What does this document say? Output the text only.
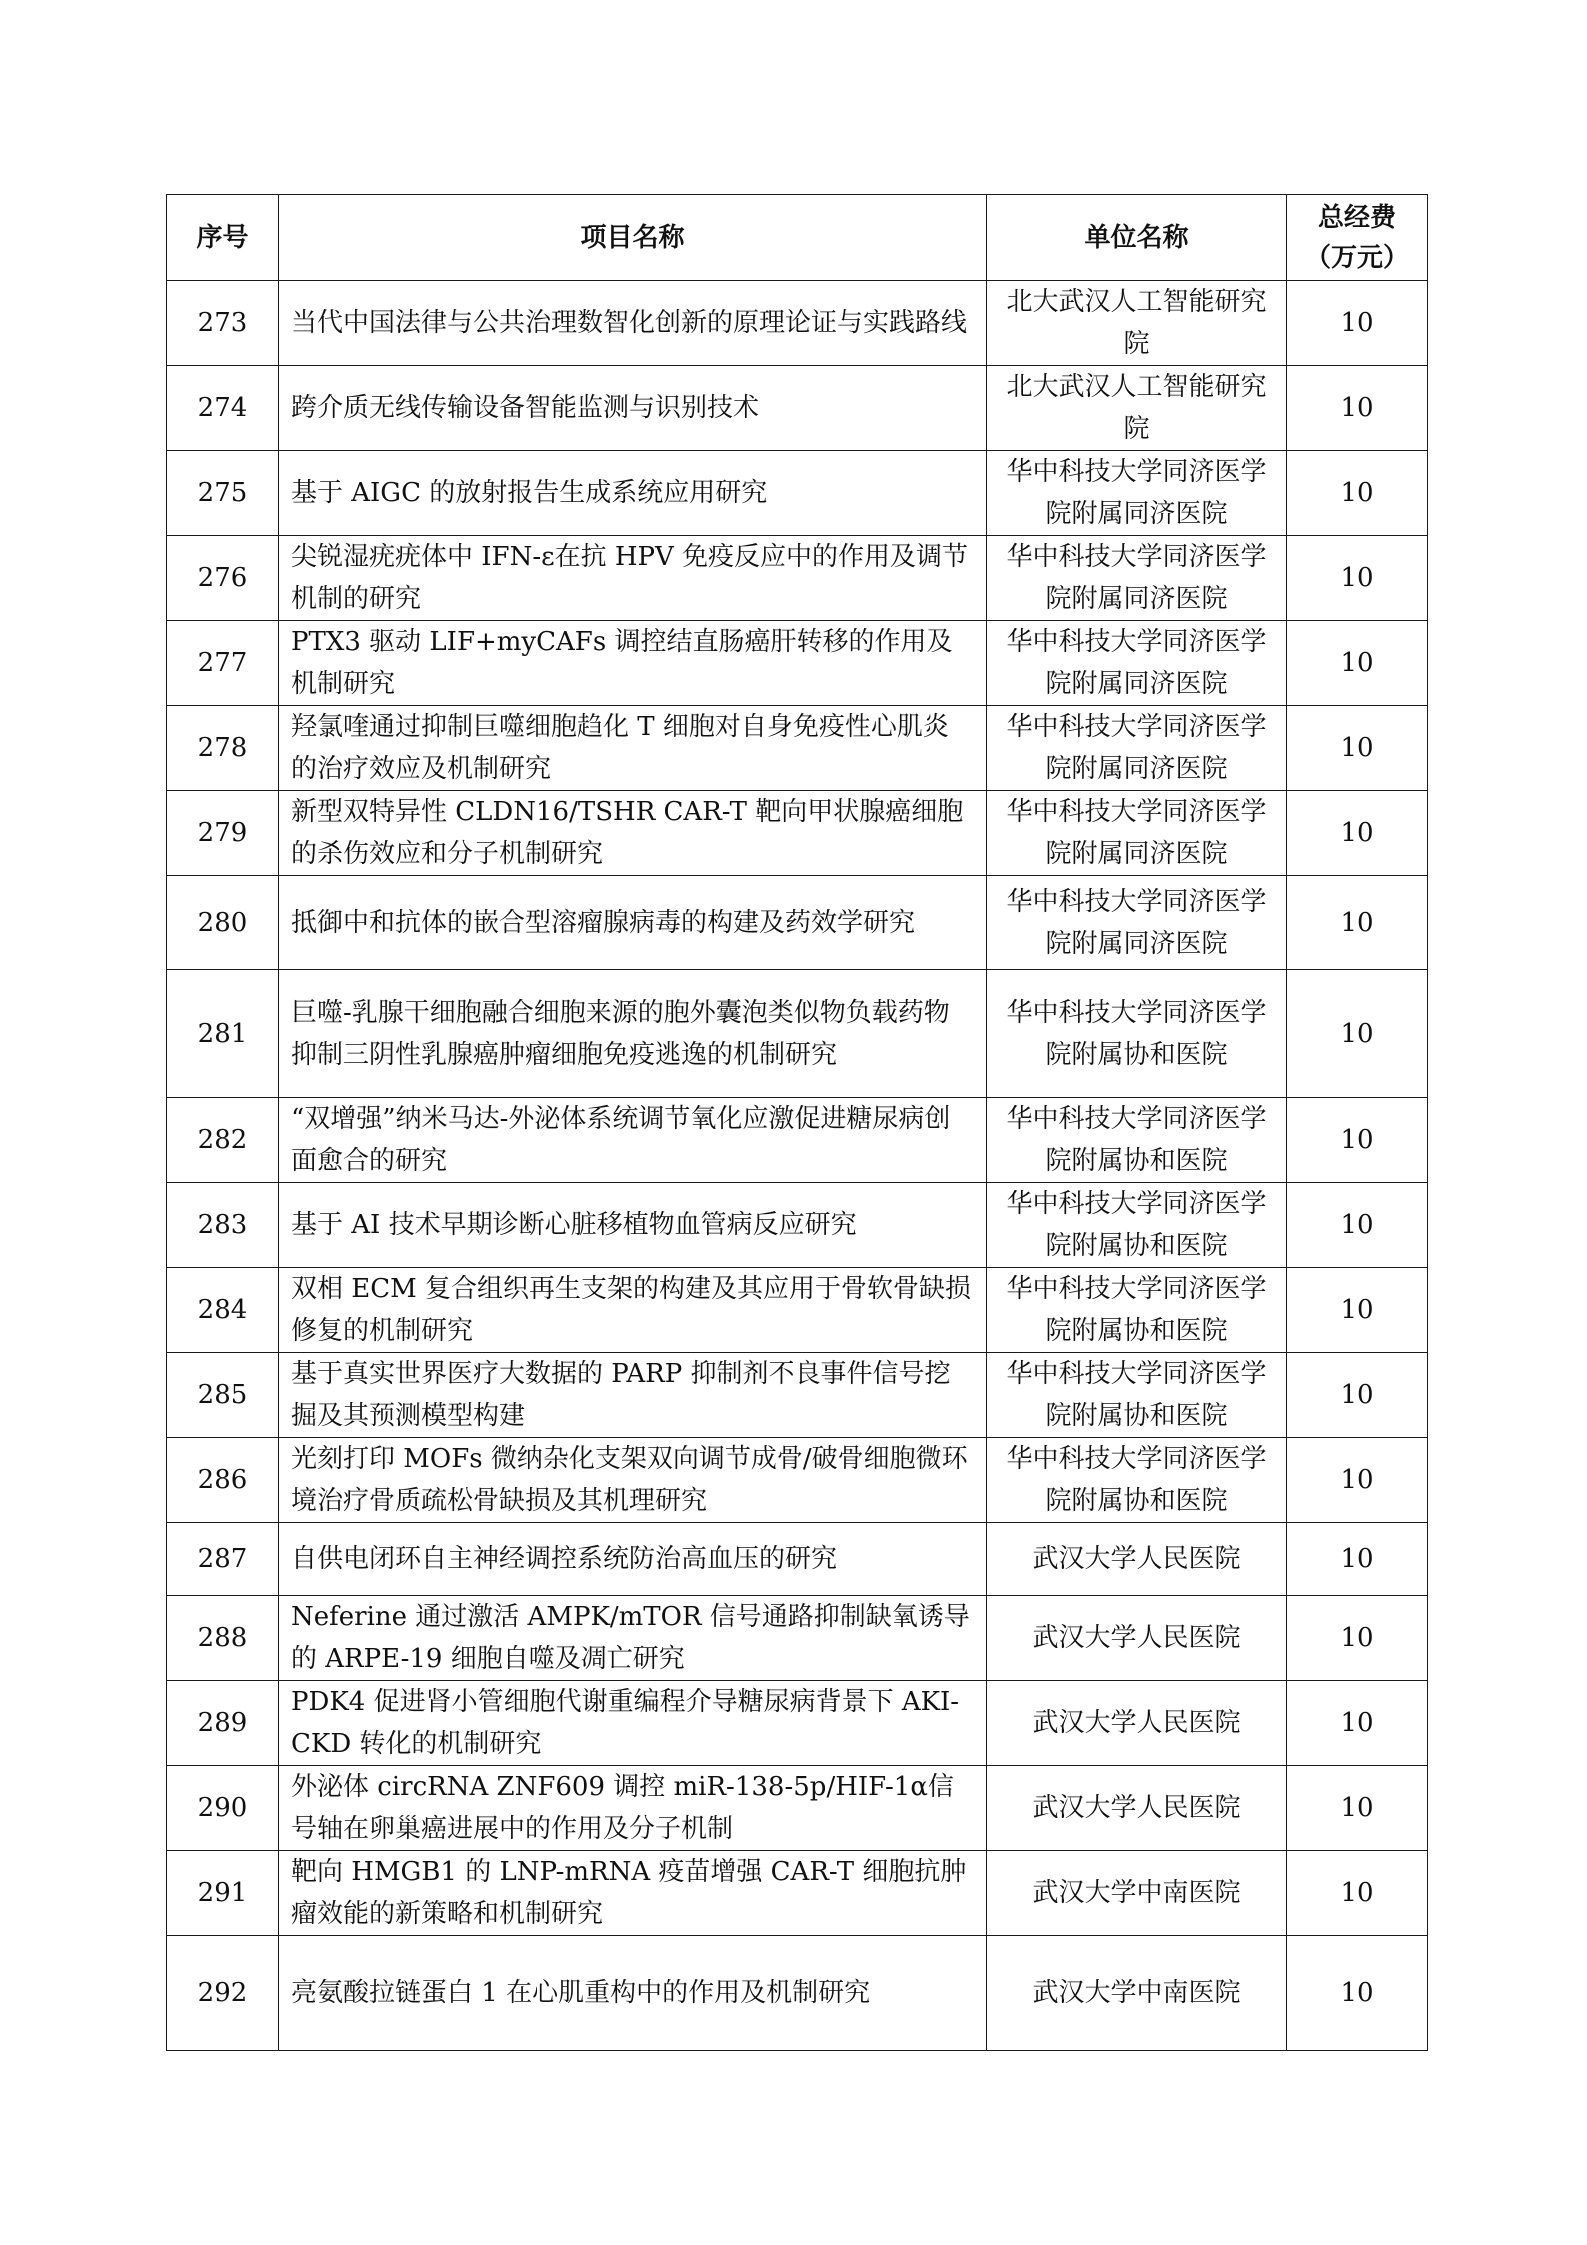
序号	项目名称	单位名称	总经费
（万元）

273	当代中国法律与公共治理数智化创新的原理论证与实践路线	北大武汉人工智能研究院	10
274	跨介质无线传输设备智能监测与识别技术	北大武汉人工智能研究院	10
275	基于 AIGC 的放射报告生成系统应用研究	华中科技大学同济医学院附属同济医院	10
276	尖锐湿疣疣体中 IFN-ε在抗 HPV 免疫反应中的作用及调节机制的研究	华中科技大学同济医学院附属同济医院	10
277	PTX3 驱动 LIF+myCAFs 调控结直肠癌肝转移的作用及机制研究	华中科技大学同济医学院附属同济医院	10
278	羟氯喹通过抑制巨噬细胞趋化 T 细胞对自身免疫性心肌炎的治疗效应及机制研究	华中科技大学同济医学院附属同济医院	10
279	新型双特异性 CLDN16/TSHR CAR-T 靶向甲状腺癌细胞的杀伤效应和分子机制研究	华中科技大学同济医学院附属同济医院	10
280	抵御中和抗体的嵌合型溶瘤腺病毒的构建及药效学研究	华中科技大学同济医学院附属同济医院	10
281	巨噬-乳腺干细胞融合细胞来源的胞外囊泡类似物负载药物抑制三阴性乳腺癌肿瘤细胞免疫逃逸的机制研究	华中科技大学同济医学院附属协和医院	10
282	“双增强”纳米马达-外泌体系统调节氧化应激促进糖尿病创面愈合的研究	华中科技大学同济医学院附属协和医院	10
283	基于 AI 技术早期诊断心脏移植物血管病反应研究	华中科技大学同济医学院附属协和医院	10
284	双相 ECM 复合组织再生支架的构建及其应用于骨软骨缺损修复的机制研究	华中科技大学同济医学院附属协和医院	10
285	基于真实世界医疗大数据的 PARP 抑制剂不良事件信号挖掘及其预测模型构建	华中科技大学同济医学院附属协和医院	10
286	光刻打印 MOFs 微纳杂化支架双向调节成骨/破骨细胞微环境治疗骨质疏松骨缺损及其机理研究	华中科技大学同济医学院附属协和医院	10
287	自供电闭环自主神经调控系统防治高血压的研究	武汉大学人民医院	10
288	Neferine 通过激活 AMPK/mTOR 信号通路抑制缺氧诱导的 ARPE-19 细胞自噬及凋亡研究	武汉大学人民医院	10
289	PDK4 促进肾小管细胞代谢重编程介导糖尿病背景下 AKI-CKD 转化的机制研究	武汉大学人民医院	10
290	外泌体 circRNA ZNF609 调控 miR-138-5p/HIF-1α信号轴在卵巢癌进展中的作用及分子机制	武汉大学人民医院	10
291	靶向 HMGB1 的 LNP-mRNA 疫苗增强 CAR-T 细胞抗肿瘤效能的新策略和机制研究	武汉大学中南医院	10
292	亮氨酸拉链蛋白 1 在心肌重构中的作用及机制研究	武汉大学中南医院	10
